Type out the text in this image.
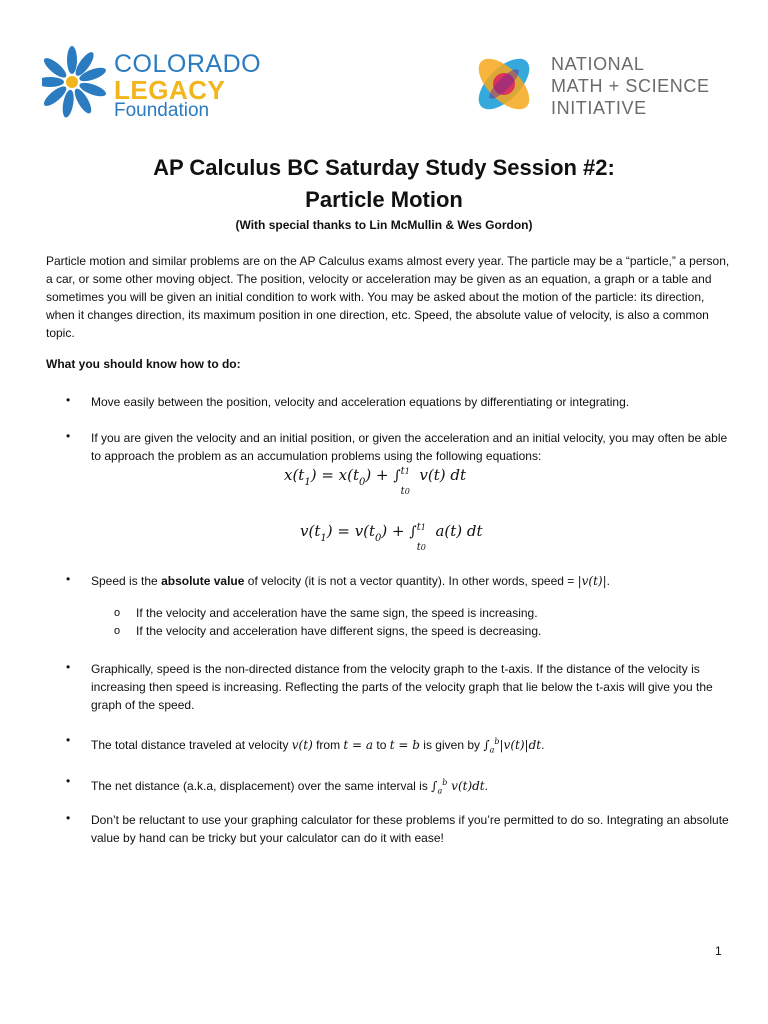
COLORADO
LEGACY
Foundation
NATIONAL
MATH + SCIENCE
INITIATIVE
AP Calculus BC Saturday Study Session #2:
Particle Motion
(With special thanks to Lin McMullin & Wes Gordon)
Particle motion and similar problems are on the AP Calculus exams almost every year. The particle may be a “particle,” a person, a car, or some other moving object. The position, velocity or acceleration may be given as an equation, a graph or a table and sometimes you will be given an initial condition to work with. You may be asked about the motion of the particle: its direction, when it changes direction, its maximum position in one direction, etc. Speed, the absolute value of velocity, is also a common topic.
What you should know how to do:
• Move easily between the position, velocity and acceleration equations by differentiating or integrating.
• If you are given the velocity and an initial position, or given the acceleration and an initial velocity, you may often be able to approach the problem as an accumulation problems using the following equations:
$x(t_1) = x(t_0)$ + ∫ t1
t0
v(t) dt
$v(t_1) = v(t_0)$ + ∫ t1
t0
a(t) dt
• Speed is the absolute value of velocity (it is not a vector quantity). In other words, speed = |v(t)|.
o If the velocity and acceleration have the same sign, the speed is increasing.
o If the velocity and acceleration have different signs, the speed is decreasing.
• Graphically, speed is the non-directed distance from the velocity graph to the t-axis. If the distance of the velocity is increasing then speed is increasing. Reflecting the parts of the velocity graph that lie below the t-axis will give you the graph of the speed.
• The total distance traveled at velocity v(t) from t = a to t = b is given by $\int_a^b|v(t)|dt$.
• The net distance (a.k.a, displacement) over the same interval is $\int_a^b$ v(t)dt.
• Don’t be reluctant to use your graphing calculator for these problems if you’re permitted to do so. Integrating an absolute value by hand can be tricky but your calculator can do it with ease!
1
